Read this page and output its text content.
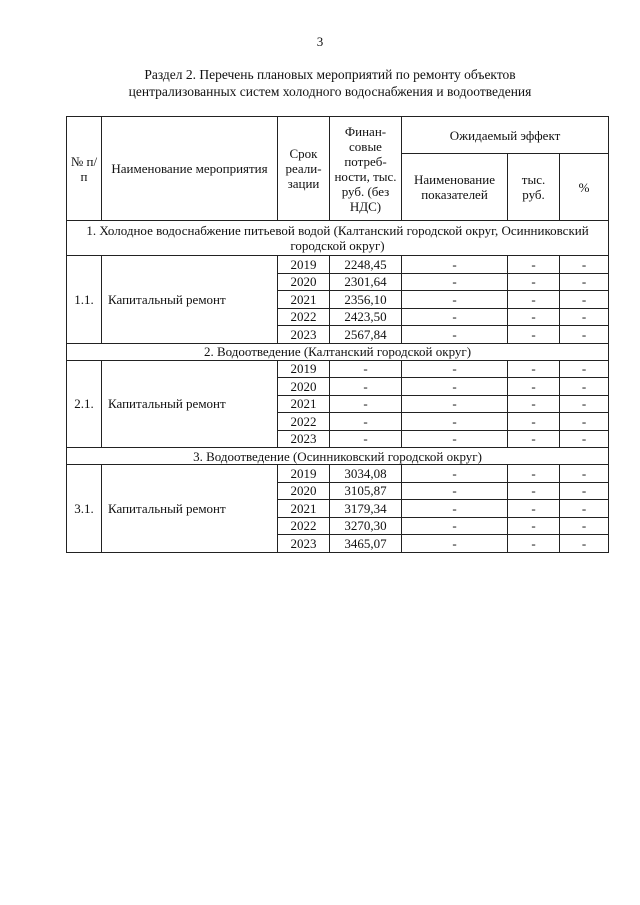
3
Раздел 2. Перечень плановых мероприятий по ремонту объектов
централизованных систем холодного водоснабжения и водоотведения
№ п/п	Наименование мероприятия	Срок реали-зации	Финан-совые потреб-ности, тыс. руб. (без НДС)	Ожидаемый эффект		
				Наименование показателей	тыс. руб.	%
1. Холодное водоснабжение питьевой водой (Калтанский городской округ, Осинниковский городской округ)						
1.1.	Капитальный ремонт	2019	2248,45	-	-	-
		2020	2301,64	-	-	-
		2021	2356,10	-	-	-
		2022	2423,50	-	-	-
		2023	2567,84	-	-	-
2. Водоотведение (Калтанский городской округ)						
2.1.	Капитальный ремонт	2019	-	-	-	-
		2020	-	-	-	-
		2021	-	-	-	-
		2022	-	-	-	-
		2023	-	-	-	-
3. Водоотведение (Осинниковский городской округ)						
3.1.	Капитальный ремонт	2019	3034,08	-	-	-
		2020	3105,87	-	-	-
		2021	3179,34	-	-	-
		2022	3270,30	-	-	-
		2023	3465,07	-	-	-
